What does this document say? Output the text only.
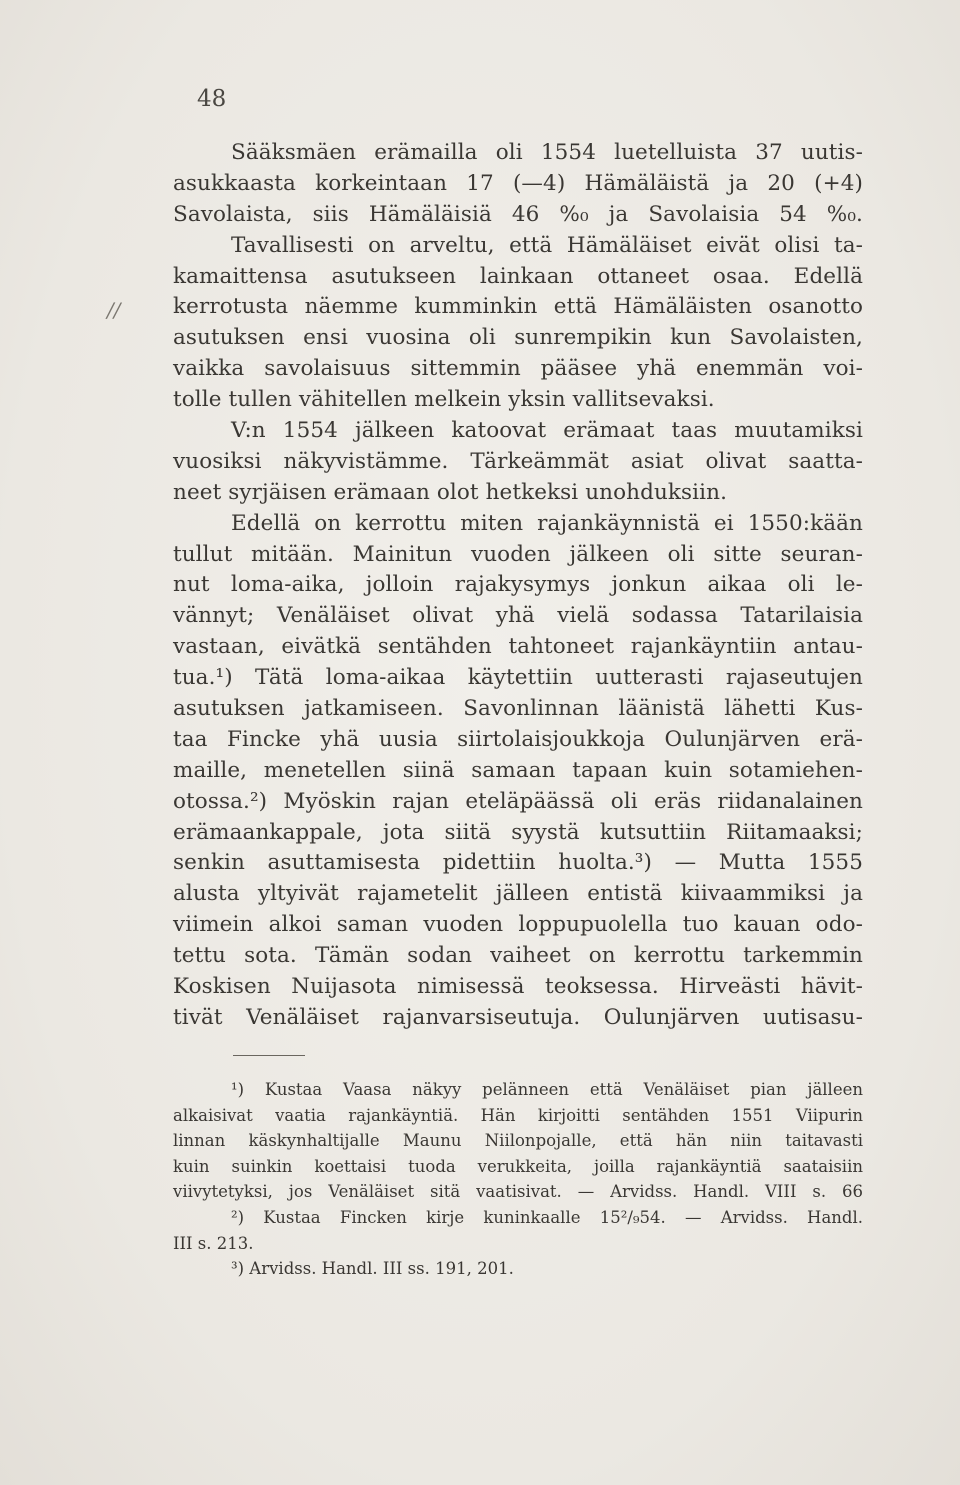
48
∕/
Sääksmäen erämailla oli 1554 luetelluista 37 uutis-
asukkaasta korkeintaan 17 (—4) Hämäläistä ja 20 (+4)
Savolaista, siis Hämäläisiä 46 %₀ ja Savolaisia 54 %₀.
Tavallisesti on arveltu, että Hämäläiset eivät olisi ta-
kamaittensa asutukseen lainkaan ottaneet osaa. Edellä
kerrotusta näemme kumminkin että Hämäläisten osanotto
asutuksen ensi vuosina oli sunrempikin kun Savolaisten,
vaikka savolaisuus sittemmin pääsee yhä enemmän voi-
tolle tullen vähitellen melkein yksin vallitsevaksi.
V:n 1554 jälkeen katoovat erämaat taas muutamiksi
vuosiksi näkyvistämme. Tärkeämmät asiat olivat saatta-
neet syrjäisen erämaan olot hetkeksi unohduksiin.
Edellä on kerrottu miten rajankäynnistä ei 1550:kään
tullut mitään. Mainitun vuoden jälkeen oli sitte seuran-
nut loma-aika, jolloin rajakysymys jonkun aikaa oli le-
vännyt; Venäläiset olivat yhä vielä sodassa Tatarilaisia
vastaan, eivätkä sentähden tahtoneet rajankäyntiin antau-
tua.¹) Tätä loma-aikaa käytettiin uutterasti rajaseutujen
asutuksen jatkamiseen. Savonlinnan läänistä lähetti Kus-
taa Fincke yhä uusia siirtolaisjoukkoja Oulunjärven erä-
maille, menetellen siinä samaan tapaan kuin sotamiehen-
otossa.²) Myöskin rajan eteläpäässä oli eräs riidanalainen
erämaankappale, jota siitä syystä kutsuttiin Riitamaaksi;
senkin asuttamisesta pidettiin huolta.³) — Mutta 1555
alusta yltyivät rajametelit jälleen entistä kiivaammiksi ja
viimein alkoi saman vuoden loppupuolella tuo kauan odo-
tettu sota. Tämän sodan vaiheet on kerrottu tarkemmin
Koskisen Nuijasota nimisessä teoksessa. Hirveästi hävit-
tivät Venäläiset rajanvarsiseutuja. Oulunjärven uutisasu-
¹) Kustaa Vaasa näkyy pelänneen että Venäläiset pian jälleen
alkaisivat vaatia rajankäyntiä. Hän kirjoitti sentähden 1551 Viipurin
linnan käskynhaltijalle Maunu Niilonpojalle, että hän niin taitavasti
kuin suinkin koettaisi tuoda verukkeita, joilla rajankäyntiä saataisiin
viivytetyksi, jos Venäläiset sitä vaatisivat. — Arvidss. Handl. VIII s. 66
²) Kustaa Fincken kirje kuninkaalle 15²/₉54. — Arvidss. Handl.
III s. 213.
³) Arvidss. Handl. III ss. 191, 201.
